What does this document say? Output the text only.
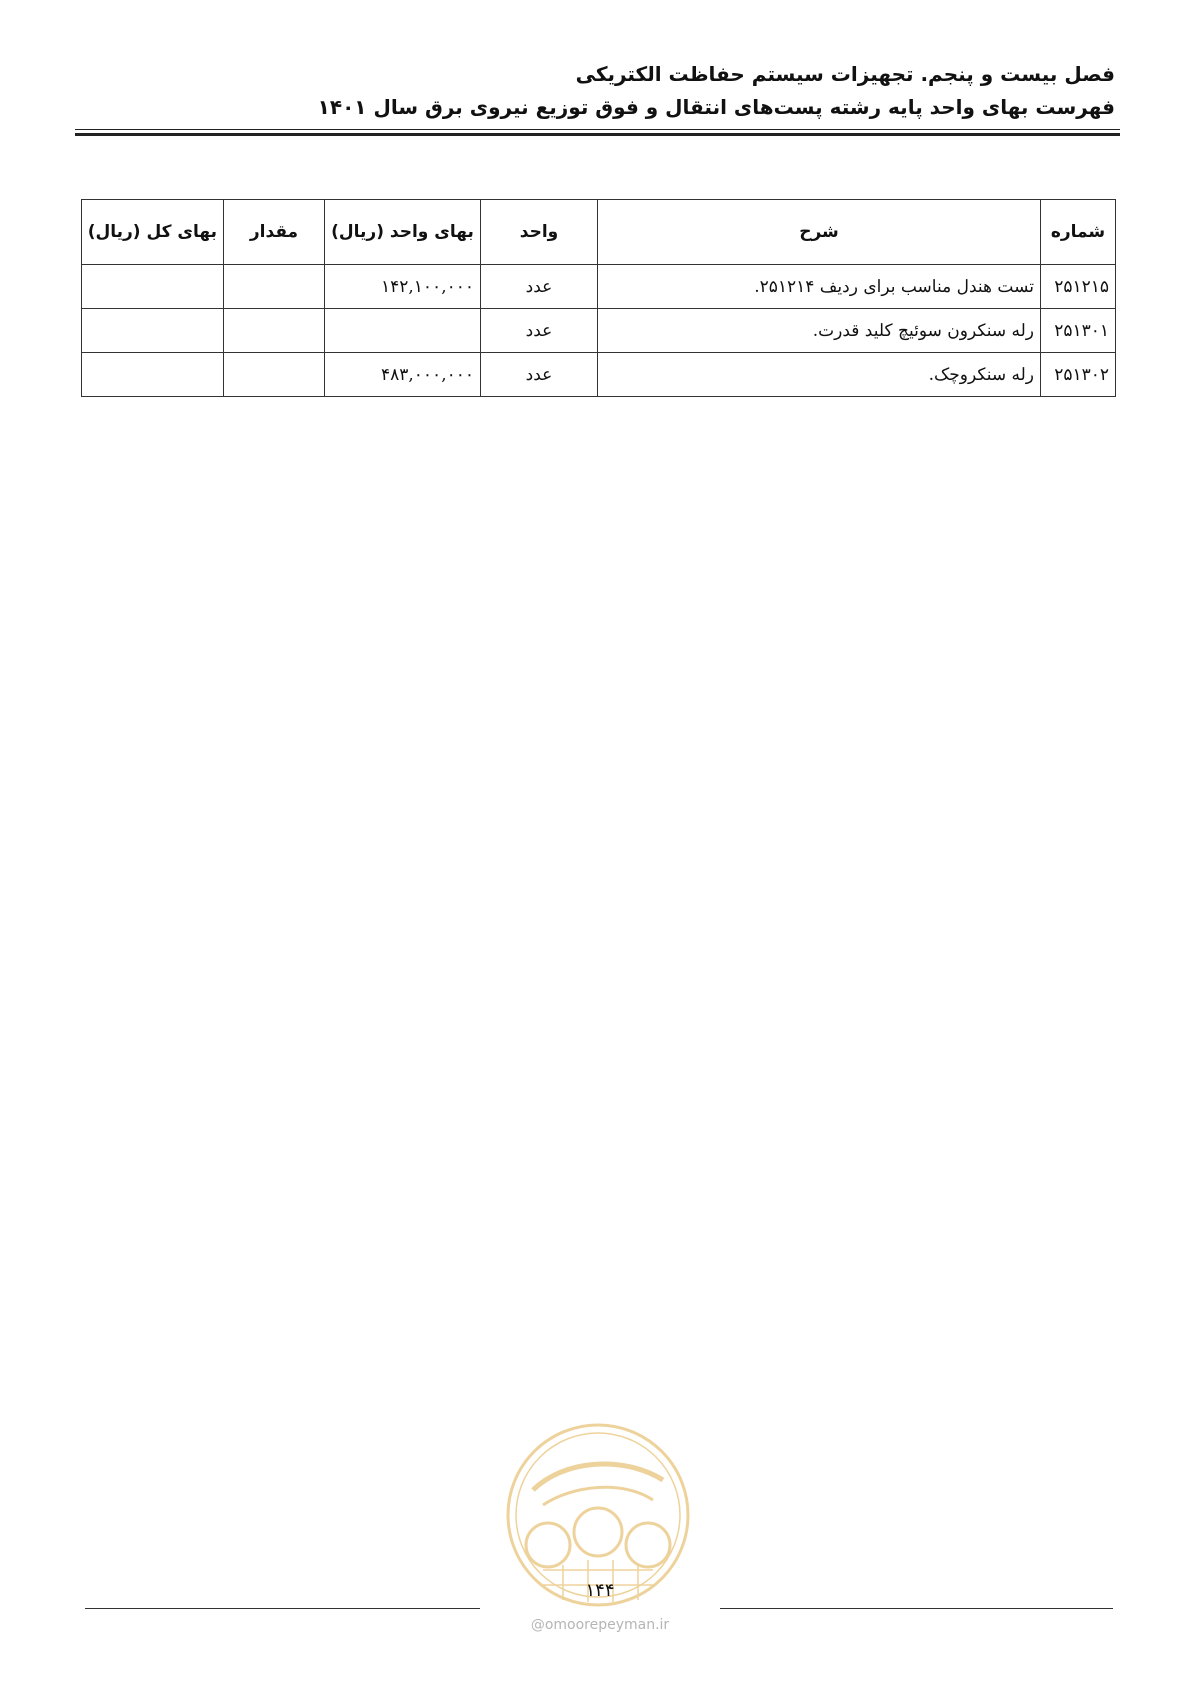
فصل بیست و پنجم. تجهیزات سیستم حفاظت الکتریکی
فهرست بهای واحد پایه رشته پست‌های انتقال و فوق توزیع نیروی برق سال ۱۴۰۱
شماره	شرح	واحد	بهای واحد (ریال)	مقدار	بهای کل (ریال)
۲۵۱۲۱۵	تست هندل مناسب برای ردیف ۲۵۱۲۱۴.	عدد	۱۴۲,۱۰۰,۰۰۰		
۲۵۱۳۰۱	رله سنکرون سوئیچ کلید قدرت.	عدد			
۲۵۱۳۰۲	رله سنکروچک.	عدد	۴۸۳,۰۰۰,۰۰۰		
۱۴۴
@omoorepeyman.ir
